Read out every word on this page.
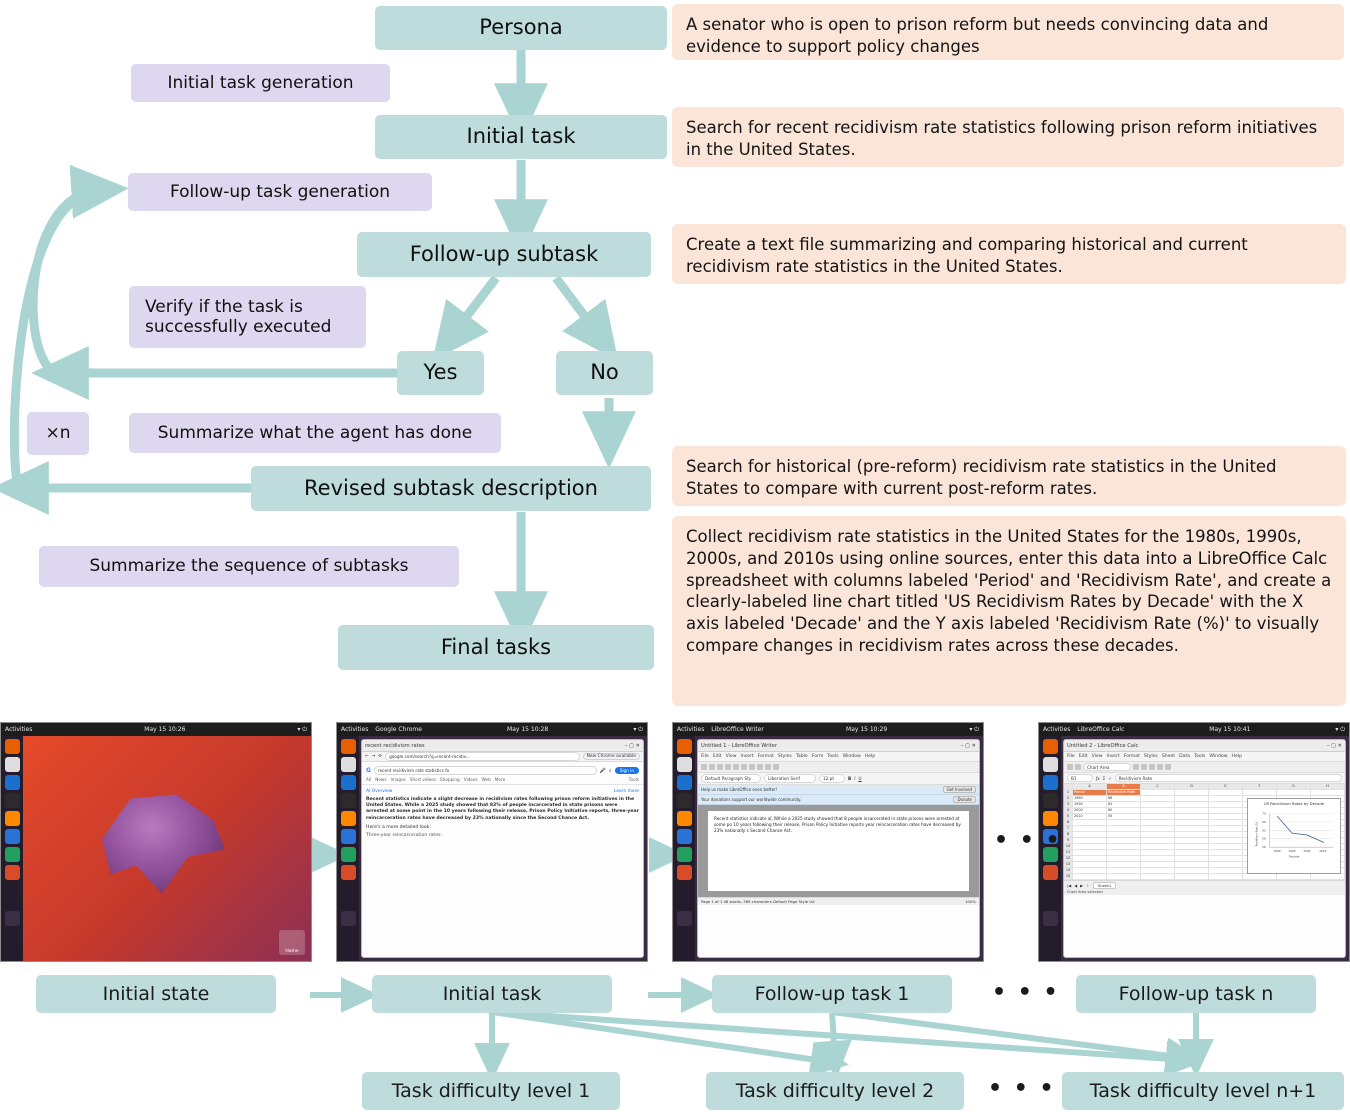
Persona
Initial task generation
Initial task
Follow-up task generation
Follow-up subtask
Verify if the task is successfully executed
Yes	No
×n	Summarize what the agent has done
Revised subtask description
Summarize the sequence of subtasks
Final tasks
A senator who is open to prison reform but needs convincing data and evidence to support policy changes
Search for recent recidivism rate statistics following prison reform initiatives in the United States.
Create a text file summarizing and comparing historical and current recidivism rate statistics in the United States.
Search for historical (pre-reform) recidivism rate statistics in the United States to compare with current post-reform rates.
Collect recidivism rate statistics in the United States for the 1980s, 1990s, 2000s, and 2010s using online sources, enter this data into a LibreOffice Calc spreadsheet with columns labeled 'Period' and 'Recidivism Rate', and create a clearly-labeled line chart titled 'US Recidivism Rates by Decade' with the X axis labeled 'Decade' and the Y axis labeled 'Recidivism Rate (%)' to visually compare changes in recidivism rates across these decades.
Activities	May 15 10:26	▾ ⏻
Home
Activities Google Chrome	May 15 10:28	▾ ⏻
recent recidivism rates	– ▢ ✕
← → ⟳	google.com/search?q=recent-recidiv...	New Chrome available
G	recent recidivism rate statistics fo	🎤 ⌕	Sign in
All News Images Short videos Shopping Videos Web More	Tools
AI Overview	Learn more
Recent statistics indicate a slight decrease in recidivism rates following prison reform initiatives in the United States. While a 2025 study showed that 82% of people incarcerated in state prisons were arrested at some point in the 10 years following their release, Prison Policy Initiative reports, three-year reincarceration rates have decreased by 23% nationally since the Second Chance Act.
Here's a more detailed look:
Three-year reincarceration rates:
Activities LibreOffice Writer	May 15 10:29	▾ ⏻
Untitled 1 - LibreOffice Writer	– ▢ ✕
File Edit View Insert Format Styles Table Form Tools Window Help
Default Paragraph Sty	Liberation Serif	12 pt	B I U
Help us make LibreOffice even better!	Get Involved
Your donations support our worldwide community.	Donate
Recent statistics indicate a[.]While a 2025 study showed that 8 people incarcerated in state prisons were arrested at some po 10 years following their release, Prison Policy Initiative reports year reincarceration rates have decreased by 23% nationally s Second Chance Act.
Page 1 of 1 48 words, 365 characters Default Page Style Ud	100%
Activities LibreOffice Calc	May 15 10:41	▾ ⏻
Untitled 2 - LibreOffice Calc	– ▢ ✕
File Edit View Insert Format Styles Sheet Data Tools Window Help
Chart Area
B1	ƒx Σ ✓	Recidivism Rate
A	B	C	D	E	F	G	H
1	Period	Recidivism Rate
2	1980	68
3	1990	62
4	2000	60
5	2010	55
6
7
8
9
10
11
12
13
14
15
US Recidivism Rates by Decade
70
66
62
58
56
1980	1990	2000	2010
Decade
Recidivism Rate (%)
|◀ ◀ ▶ ＋	Sheet1
Chart Area selected
• • •
Initial state	Initial task	Follow-up task 1	Follow-up task n
• • •
Task difficulty level 1	Task difficulty level 2	Task difficulty level n+1
• • •
